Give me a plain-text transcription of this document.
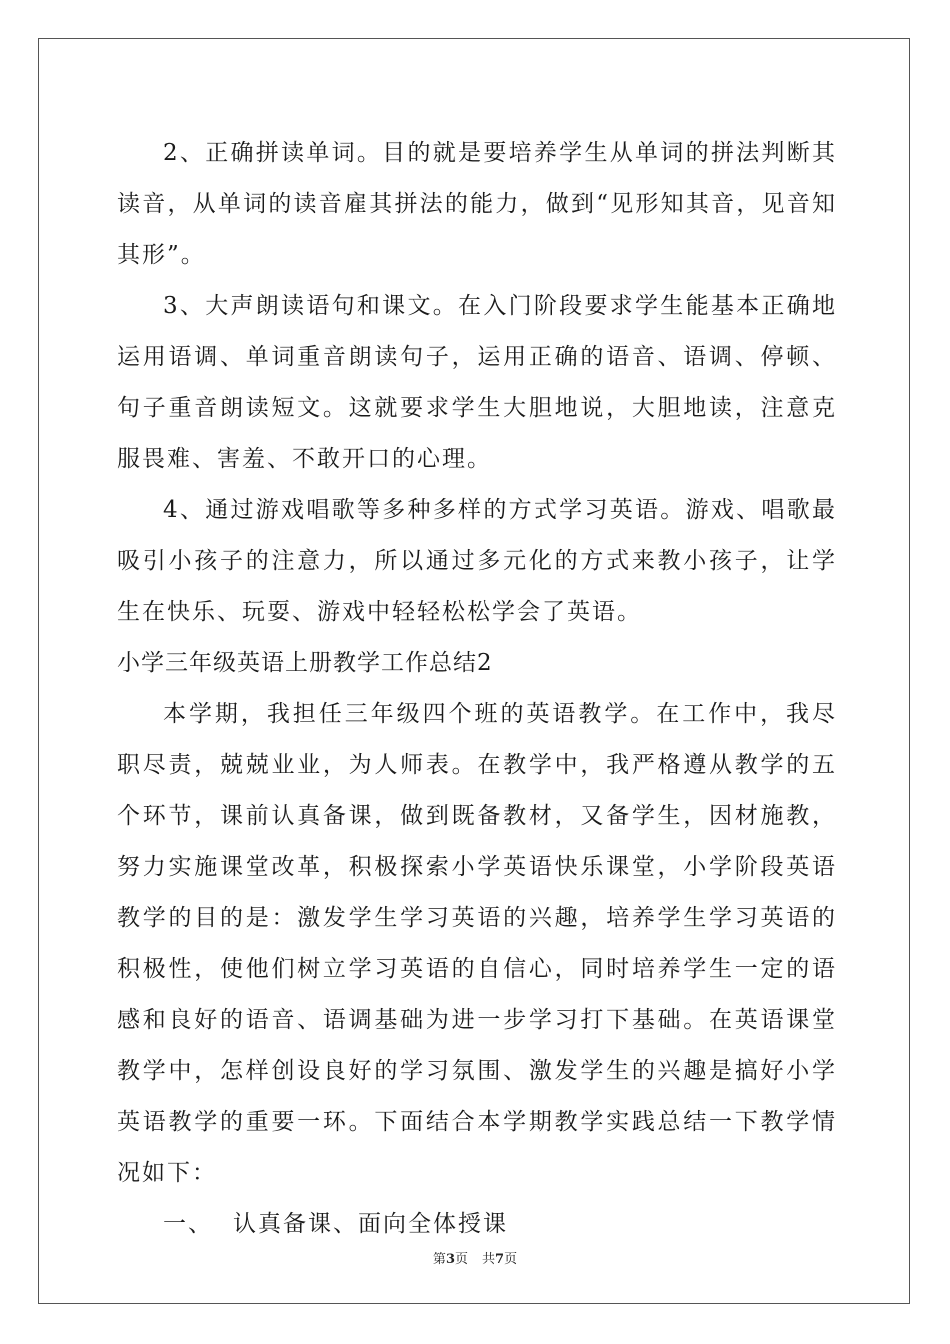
2、正确拼读单词。目的就是要培养学生从单词的拼法判断其读音，从单词的读音雇其拼法的能力，做到“见形知其音，见音知其形”。

3、大声朗读语句和课文。在入门阶段要求学生能基本正确地运用语调、单词重音朗读句子，运用正确的语音、语调、停顿、句子重音朗读短文。这就要求学生大胆地说，大胆地读，注意克服畏难、害羞、不敢开口的心理。

4、通过游戏唱歌等多种多样的方式学习英语。游戏、唱歌最吸引小孩子的注意力，所以通过多元化的方式来教小孩子，让学生在快乐、玩耍、游戏中轻轻松松学会了英语。

小学三年级英语上册教学工作总结2

本学期，我担任三年级四个班的英语教学。在工作中，我尽职尽责，兢兢业业，为人师表。在教学中，我严格遵从教学的五个环节，课前认真备课，做到既备教材，又备学生，因材施教，努力实施课堂改革，积极探索小学英语快乐课堂，小学阶段英语教学的目的是：激发学生学习英语的兴趣，培养学生学习英语的积极性，使他们树立学习英语的自信心，同时培养学生一定的语感和良好的语音、语调基础为进一步学习打下基础。在英语课堂教学中，怎样创设良好的学习氛围、激发学生的兴趣是搞好小学英语教学的重要一环。下面结合本学期教学实践总结一下教学情况如下：

一、 认真备课、面向全体授课

第3页 共7页
